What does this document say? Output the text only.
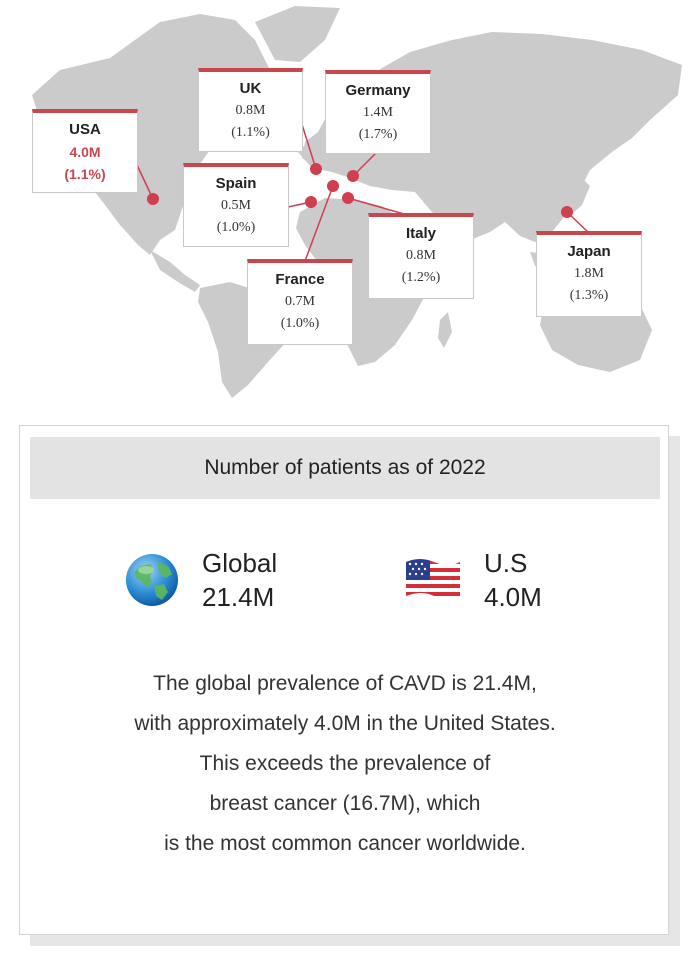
USA
4.0M
(1.1%)
UK
0.8M
(1.1%)
Germany
1.4M
(1.7%)
Spain
0.5M
(1.0%)
France
0.7M
(1.0%)
Italy
0.8M
(1.2%)
Japan
1.8M
(1.3%)
Number of patients as of 2022
Global
21.4M
U.S
4.0M
The global prevalence of CAVD is 21.4M,
with approximately 4.0M in the United States.
This exceeds the prevalence of
breast cancer (16.7M), which
is the most common cancer worldwide.
